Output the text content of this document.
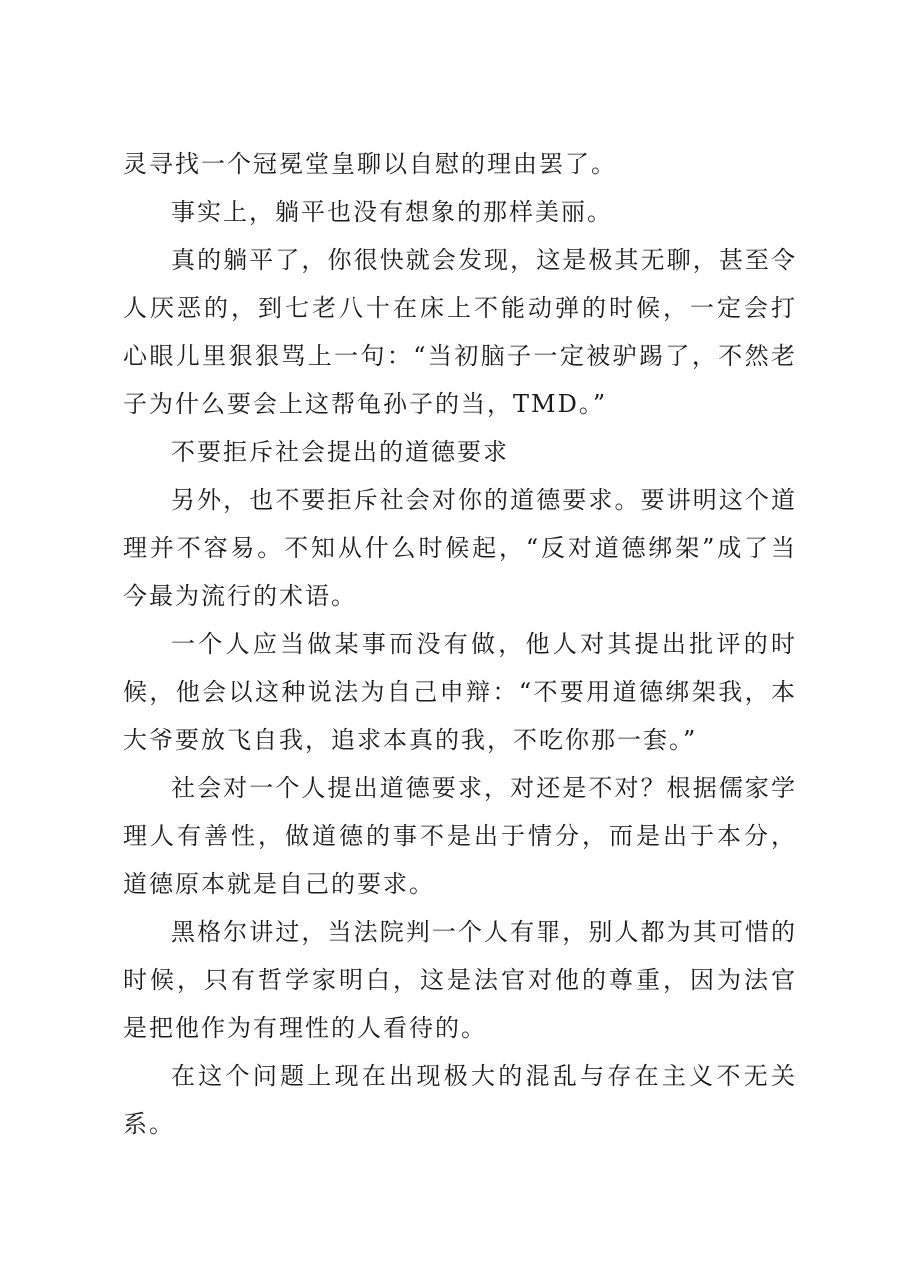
灵寻找一个冠冕堂皇聊以自慰的理由罢了。

事实上，躺平也没有想象的那样美丽。

真的躺平了，你很快就会发现，这是极其无聊，甚至令人厌恶的，到七老八十在床上不能动弹的时候，一定会打心眼儿里狠狠骂上一句：“当初脑子一定被驴踢了，不然老子为什么要会上这帮龟孙子的当，TMD。”

不要拒斥社会提出的道德要求

另外，也不要拒斥社会对你的道德要求。要讲明这个道理并不容易。不知从什么时候起，“反对道德绑架”成了当今最为流行的术语。

一个人应当做某事而没有做，他人对其提出批评的时候，他会以这种说法为自己申辩：“不要用道德绑架我，本大爷要放飞自我，追求本真的我，不吃你那一套。”

社会对一个人提出道德要求，对还是不对？根据儒家学理人有善性，做道德的事不是出于情分，而是出于本分，道德原本就是自己的要求。

黑格尔讲过，当法院判一个人有罪，别人都为其可惜的时候，只有哲学家明白，这是法官对他的尊重，因为法官是把他作为有理性的人看待的。

在这个问题上现在出现极大的混乱与存在主义不无关系。
